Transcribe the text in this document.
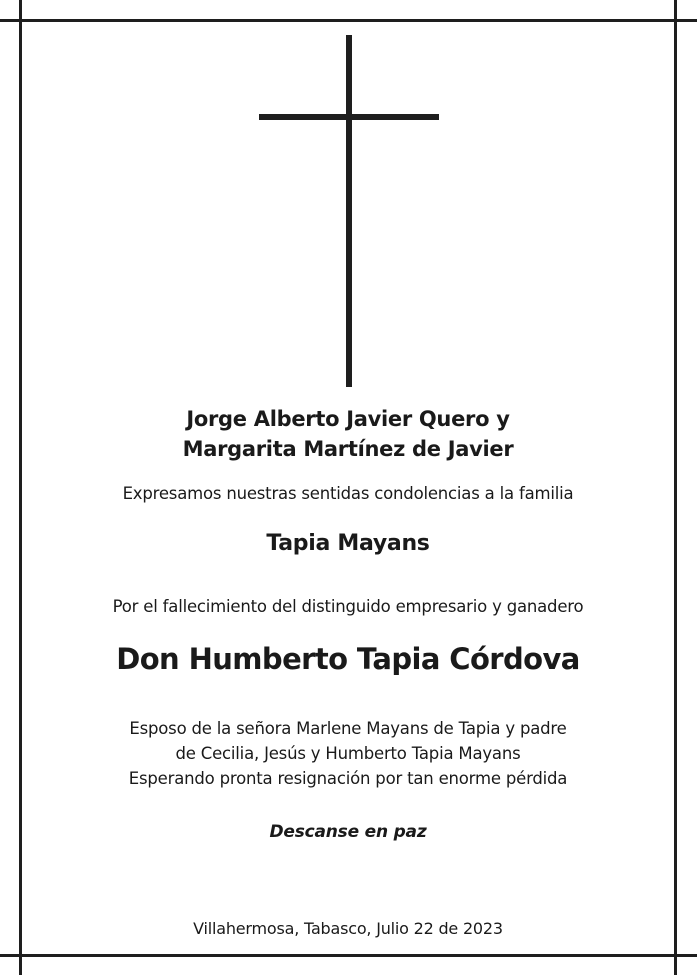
Jorge Alberto Javier Quero y
Margarita Martínez de Javier
Expresamos nuestras sentidas condolencias a la familia
Tapia Mayans
Por el fallecimiento del distinguido empresario y ganadero
Don Humberto Tapia Córdova
Esposo de la señora Marlene Mayans de Tapia y padre
de Cecilia, Jesús y Humberto Tapia Mayans
Esperando pronta resignación por tan enorme pérdida
Descanse en paz
Villahermosa, Tabasco, Julio 22 de 2023
